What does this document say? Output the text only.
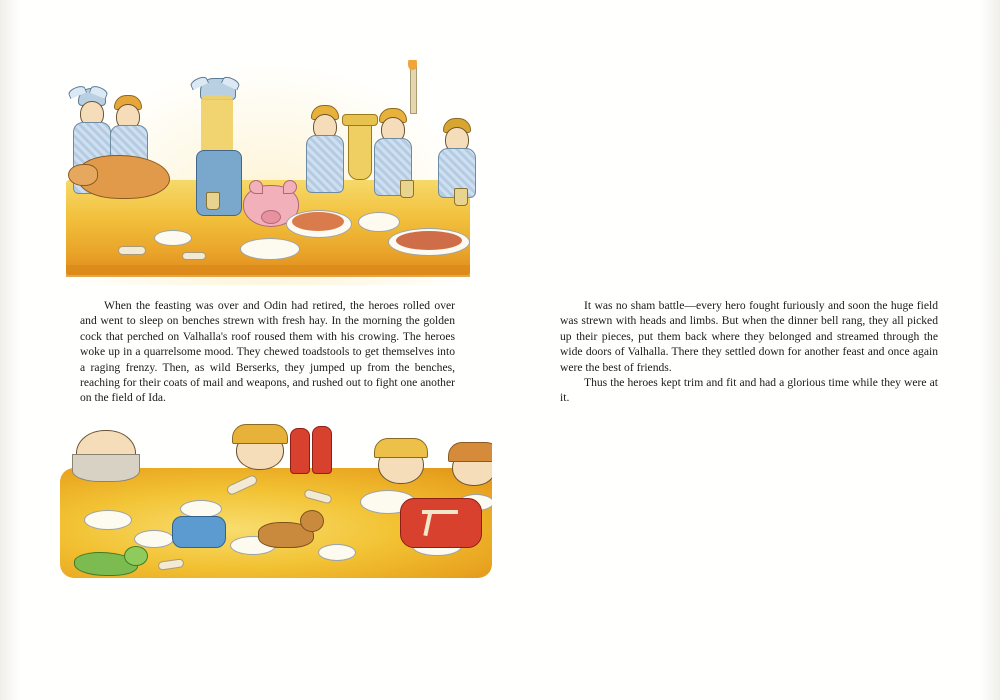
When the feasting was over and Odin had retired, the heroes rolled over and went to sleep on benches strewn with fresh hay. In the morning the golden cock that perched on Valhalla's roof roused them with his crowing. The heroes woke up in a quarrelsome mood. They chewed toadstools to get themselves into a raging frenzy. Then, as wild Berserks, they jumped up from the benches, reaching for their coats of mail and weapons, and rushed out to fight one another on the field of Ida.

It was no sham battle—every hero fought furiously and soon the huge field was strewn with heads and limbs. But when the dinner bell rang, they all picked up their pieces, put them back where they belonged and streamed through the wide doors of Valhalla. There they settled down for another feast and once again were the best of friends.

Thus the heroes kept trim and fit and had a glorious time while they were at it.
